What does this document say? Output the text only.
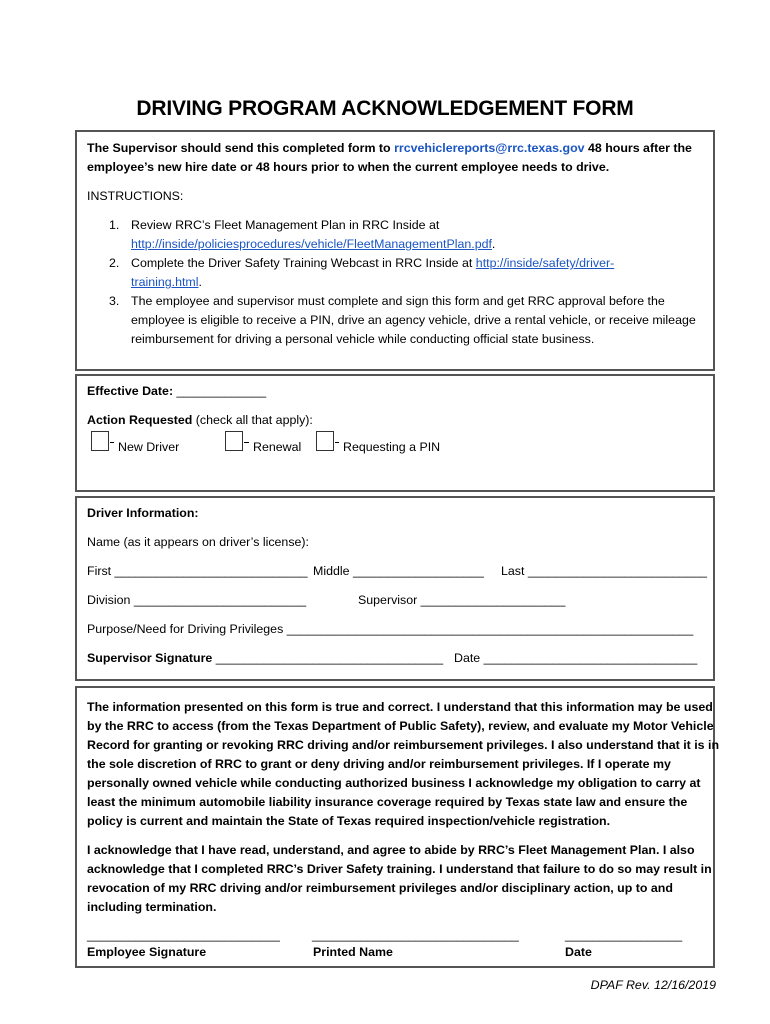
DRIVING PROGRAM ACKNOWLEDGEMENT FORM
The Supervisor should send this completed form to rrcvehiclereports@rrc.texas.gov 48 hours after the
employee’s new hire date or 48 hours prior to when the current employee needs to drive.
INSTRUCTIONS:
1. Review RRC’s Fleet Management Plan in RRC Inside at
http://inside/policiesprocedures/vehicle/FleetManagementPlan.pdf.
2. Complete the Driver Safety Training Webcast in RRC Inside at http://inside/safety/driver-
training.html.
3. The employee and supervisor must complete and sign this form and get RRC approval before the
employee is eligible to receive a PIN, drive an agency vehicle, drive a rental vehicle, or receive mileage
reimbursement for driving a personal vehicle while conducting official state business.
Effective Date: _____________
Action Requested (check all that apply):
New Driver	Renewal	Requesting a PIN
Driver Information:
Name (as it appears on driver’s license):
First ____________________________ Middle ___________________ Last __________________________
Division _________________________	Supervisor _____________________
Purpose/Need for Driving Privileges ___________________________________________________________
Supervisor Signature _________________________________ Date _______________________________
The information presented on this form is true and correct. I understand that this information may be used
by the RRC to access (from the Texas Department of Public Safety), review, and evaluate my Motor Vehicle
Record for granting or revoking RRC driving and/or reimbursement privileges. I also understand that it is in
the sole discretion of RRC to grant or deny driving and/or reimbursement privileges. If I operate my
personally owned vehicle while conducting authorized business I acknowledge my obligation to carry at
least the minimum automobile liability insurance coverage required by Texas state law and ensure the
policy is current and maintain the State of Texas required inspection/vehicle registration.
I acknowledge that I have read, understand, and agree to abide by RRC’s Fleet Management Plan. I also
acknowledge that I completed RRC’s Driver Safety training. I understand that failure to do so may result in
revocation of my RRC driving and/or reimbursement privileges and/or disciplinary action, up to and
including termination.
____________________________	______________________________	_________________
Employee Signature	Printed Name	Date
DPAF Rev. 12/16/2019
